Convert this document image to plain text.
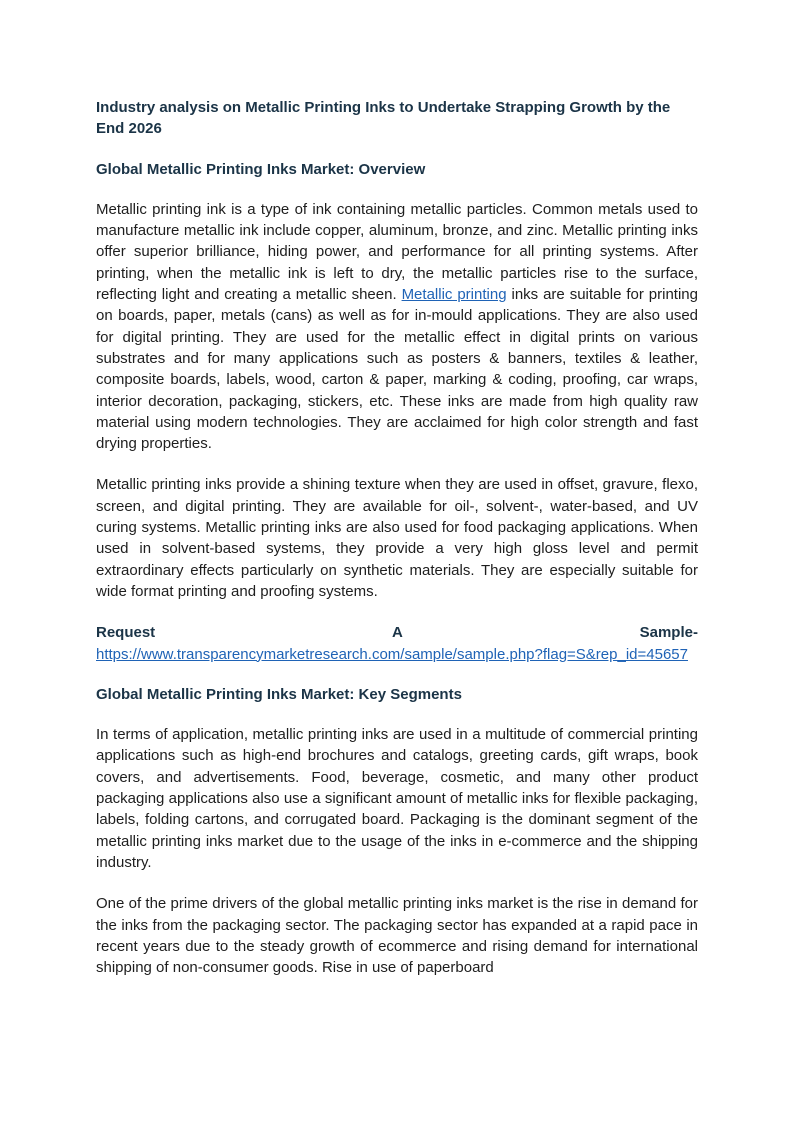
Industry analysis on Metallic Printing Inks to Undertake Strapping Growth by the End 2026
Global Metallic Printing Inks Market: Overview

Metallic printing ink is a type of ink containing metallic particles. Common metals used to manufacture metallic ink include copper, aluminum, bronze, and zinc. Metallic printing inks offer superior brilliance, hiding power, and performance for all printing systems. After printing, when the metallic ink is left to dry, the metallic particles rise to the surface, reflecting light and creating a metallic sheen. Metallic printing inks are suitable for printing on boards, paper, metals (cans) as well as for in-mould applications. They are also used for digital printing. They are used for the metallic effect in digital prints on various substrates and for many applications such as posters & banners, textiles & leather, composite boards, labels, wood, carton & paper, marking & coding, proofing, car wraps, interior decoration, packaging, stickers, etc. These inks are made from high quality raw material using modern technologies. They are acclaimed for high color strength and fast drying properties.

Metallic printing inks provide a shining texture when they are used in offset, gravure, flexo, screen, and digital printing. They are available for oil-, solvent-, water-based, and UV curing systems. Metallic printing inks are also used for food packaging applications. When used in solvent-based systems, they provide a very high gloss level and permit extraordinary effects particularly on synthetic materials. They are especially suitable for wide format printing and proofing systems.

Request	A	Sample-
https://www.transparencymarketresearch.com/sample/sample.php?flag=S&rep_id=45657
Global Metallic Printing Inks Market: Key Segments

In terms of application, metallic printing inks are used in a multitude of commercial printing applications such as high-end brochures and catalogs, greeting cards, gift wraps, book covers, and advertisements. Food, beverage, cosmetic, and many other product packaging applications also use a significant amount of metallic inks for flexible packaging, labels, folding cartons, and corrugated board. Packaging is the dominant segment of the metallic printing inks market due to the usage of the inks in e-commerce and the shipping industry.

One of the prime drivers of the global metallic printing inks market is the rise in demand for the inks from the packaging sector. The packaging sector has expanded at a rapid pace in recent years due to the steady growth of ecommerce and rising demand for international shipping of non-consumer goods. Rise in use of paperboard
